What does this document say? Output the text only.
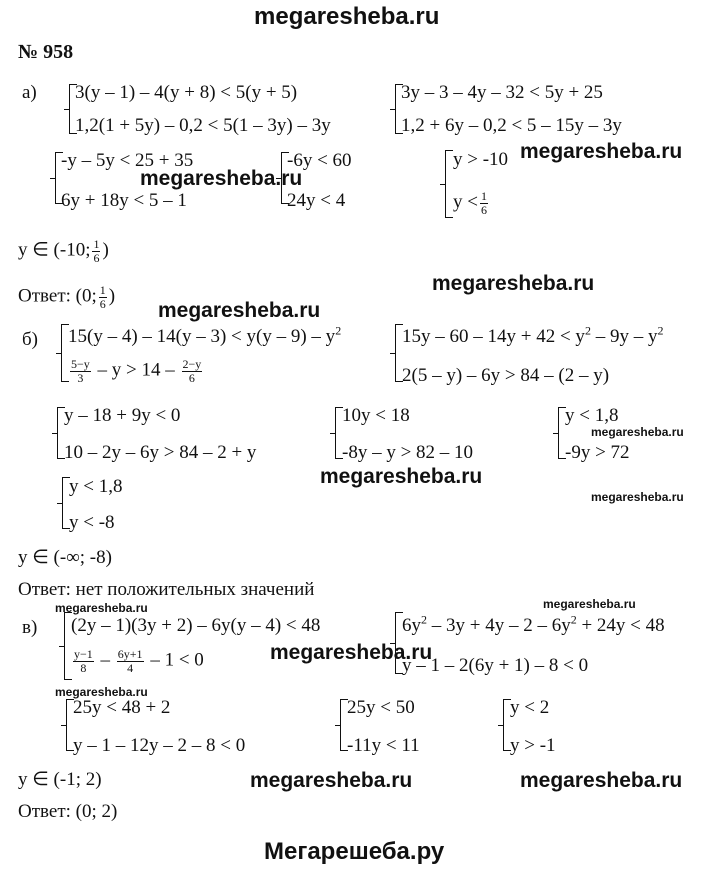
megaresheba.ru
Мегарешеба.ру
megaresheba.ru
megaresheba.ru
megaresheba.ru
megaresheba.ru
megaresheba.ru
megaresheba.ru
megaresheba.ru
megaresheba.ru	megaresheba.ru
megaresheba.ru
megaresheba.ru
megaresheba.ru	megaresheba.ru
№ 958
а) 3(y – 1) – 4(y + 8) < 5(y + 5)
1,2(1 + 5y) – 0,2 < 5(1 – 3y) – 3y
3y – 3 – 4y – 32 < 5y + 25
1,2 + 6y – 0,2 < 5 – 15y – 3y
-y – 5y < 25 + 35
6y + 18y < 5 – 1
-6y < 60
24y < 4
y > -10
$y < \frac{1}{6}$
y ∈ (-10; $\frac{1}{6}$ )
Ответ: (0; $\frac{1}{6}$ )
б) $15(y - 4) - 14(y - 3) < y(y - 9) - y^2$
$\frac{5-y}{3} - y > 14 - \frac{2-y}{6}$
$15y - 60 - 14y + 42 < y^2 - 9y - y^2$
2(5 – y) – 6y > 84 – (2 – y)
y – 18 + 9y < 0
10 – 2y – 6y > 84 – 2 + y
10y < 18
-8y – y > 82 – 10
y < 1,8
-9y > 72
y < 1,8
y < -8
y ∈ (-∞; -8)
Ответ: нет положительных значений
в) (2y – 1)(3y + 2) – 6y(y – 4) < 48
$\frac{y-1}{8} - \frac{6y+1}{4} - 1 < 0$
$6y^2 - 3y + 4y - 2 - 6y^2 + 24y < 48$
y – 1 – 2(6y + 1) – 8 < 0
25y < 48 + 2
y – 1 – 12y – 2 – 8 < 0
25y < 50
-11y < 11
y < 2
y > -1
y ∈ (-1; 2)
Ответ: (0; 2)
